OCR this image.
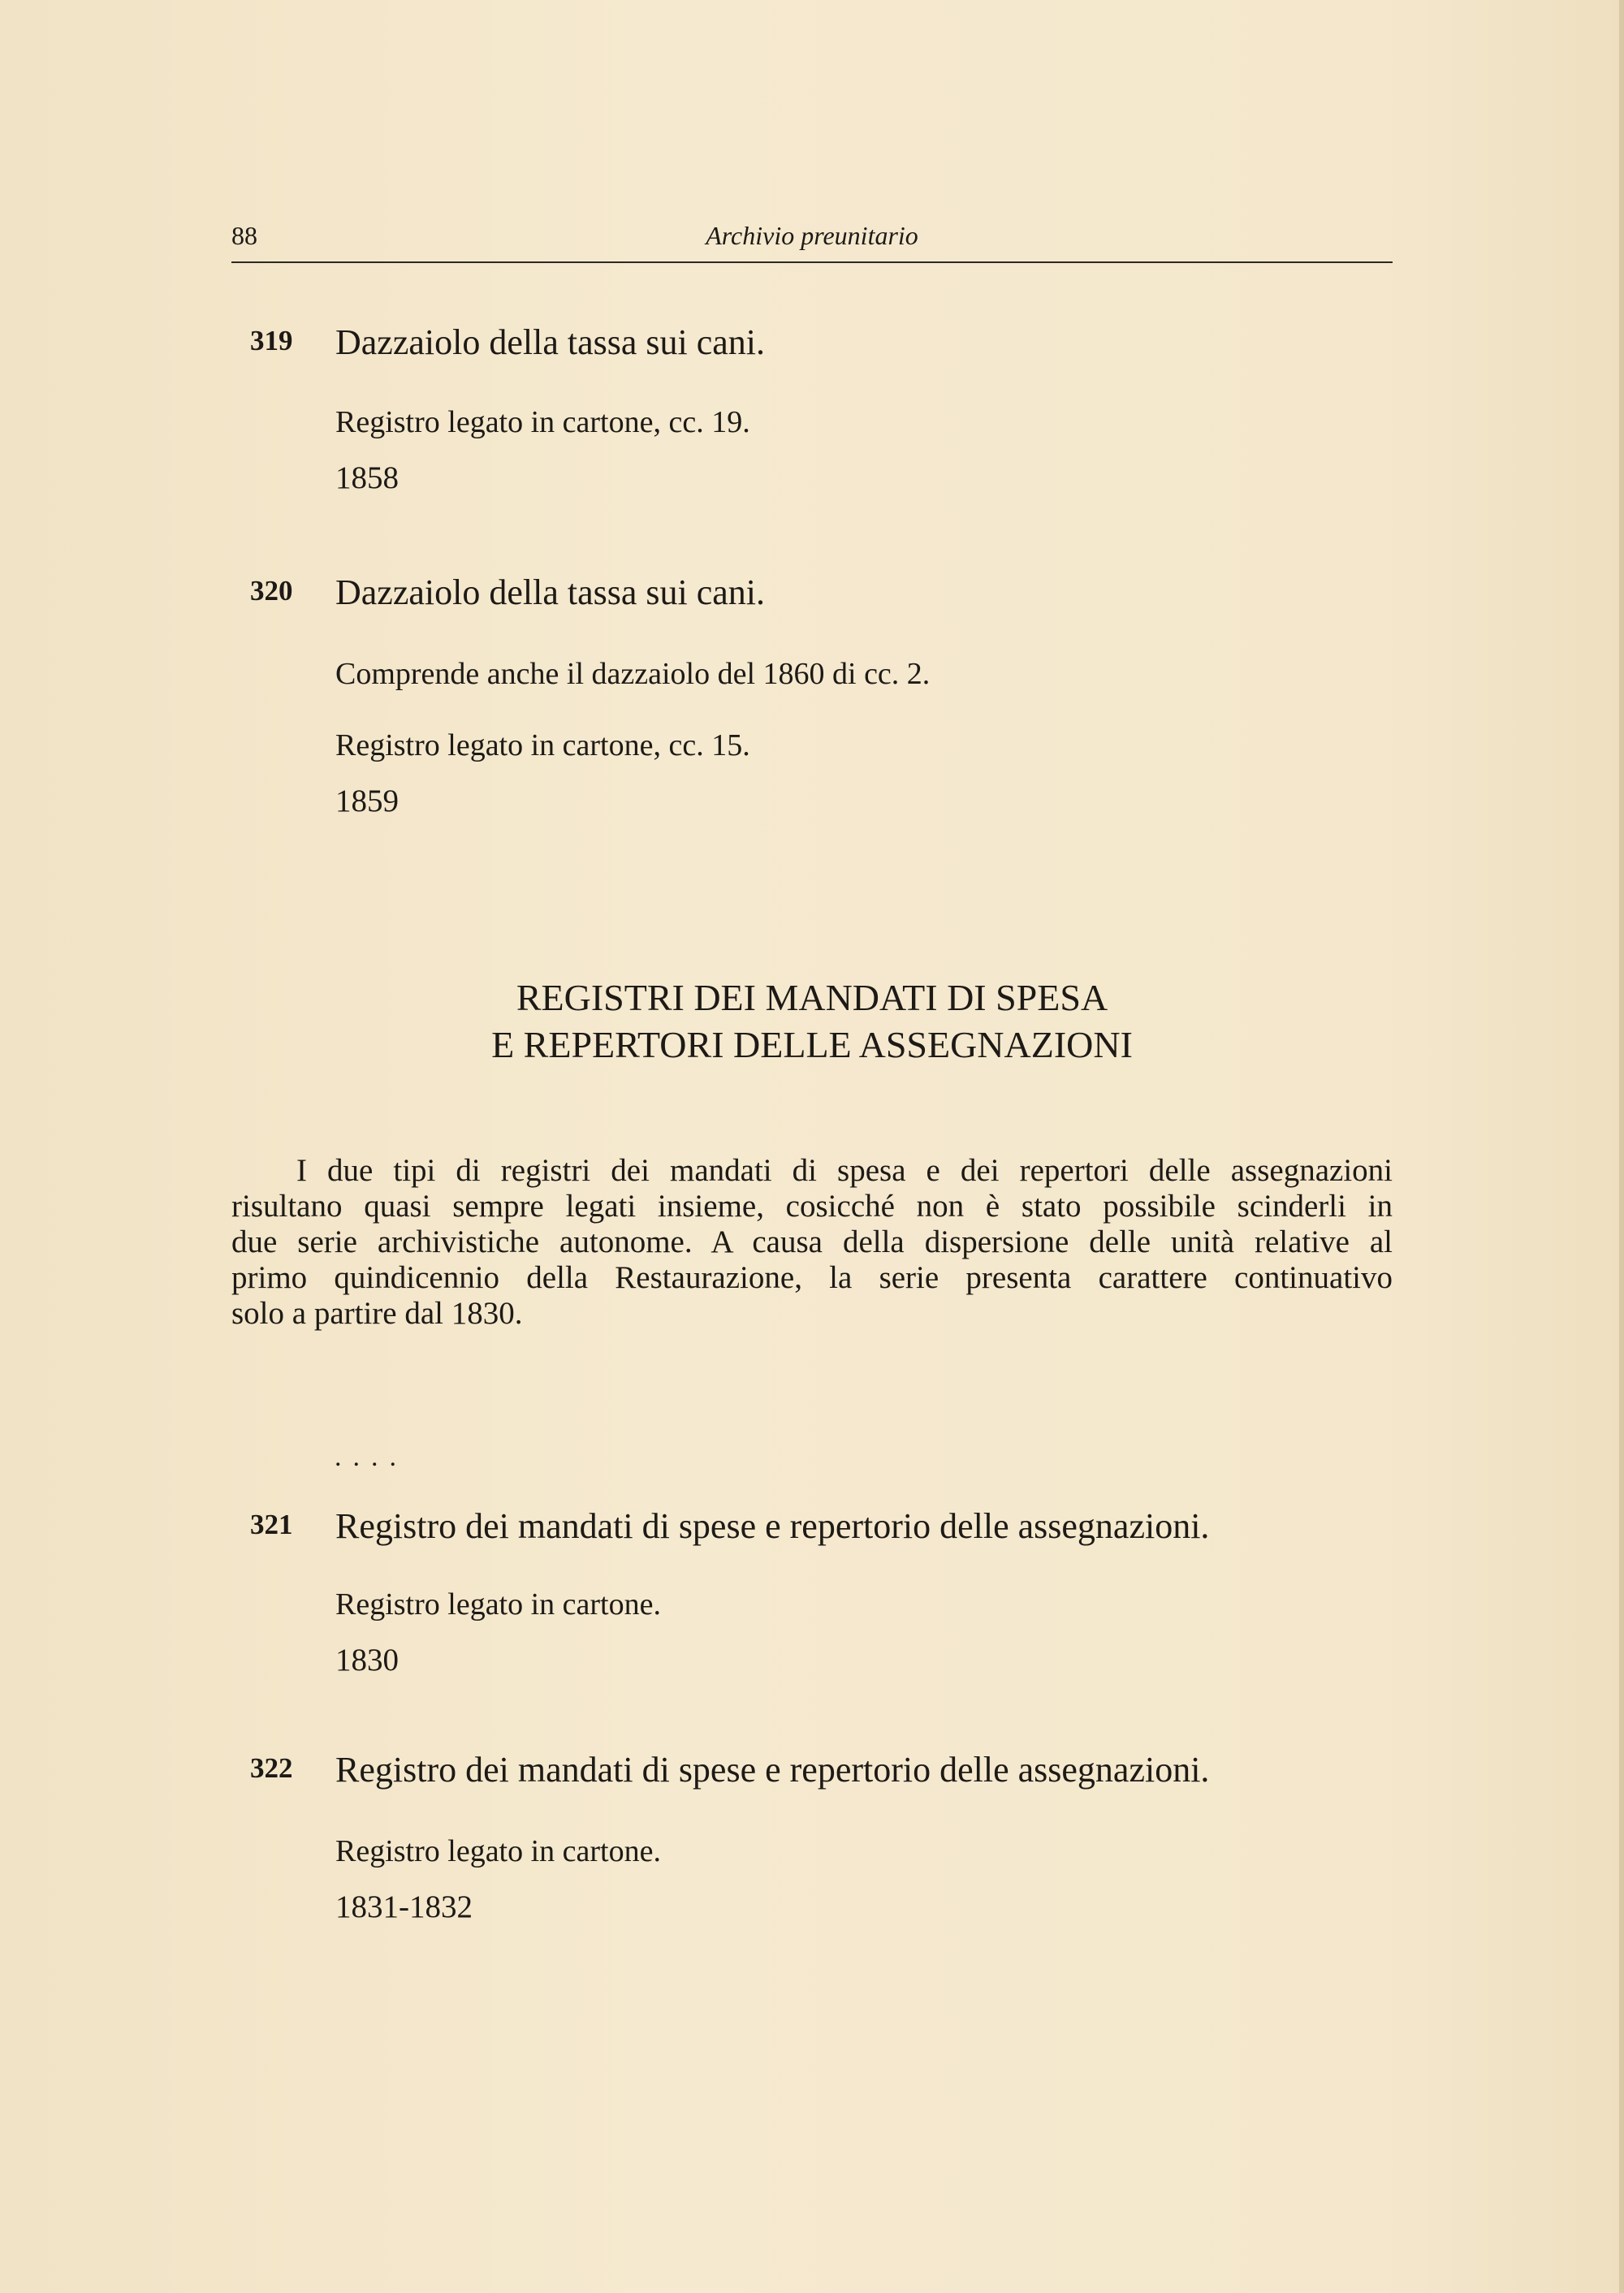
88	Archivio preunitario
319 Dazzaiolo della tassa sui cani.
Registro legato in cartone, cc. 19.
1858
320 Dazzaiolo della tassa sui cani.
Comprende anche il dazzaiolo del 1860 di cc. 2.
Registro legato in cartone, cc. 15.
1859
REGISTRI DEI MANDATI DI SPESA
E REPERTORI DELLE ASSEGNAZIONI
I due tipi di registri dei mandati di spesa e dei repertori delle assegnazioni
risultano quasi sempre legati insieme, cosicché non è stato possibile scinderli in
due serie archivistiche autonome. A causa della dispersione delle unità relative al
primo quindicennio della Restaurazione, la serie presenta carattere continuativo
solo a partire dal 1830.
....
321 Registro dei mandati di spese e repertorio delle assegnazioni.
Registro legato in cartone.
1830
322 Registro dei mandati di spese e repertorio delle assegnazioni.
Registro legato in cartone.
1831-1832
